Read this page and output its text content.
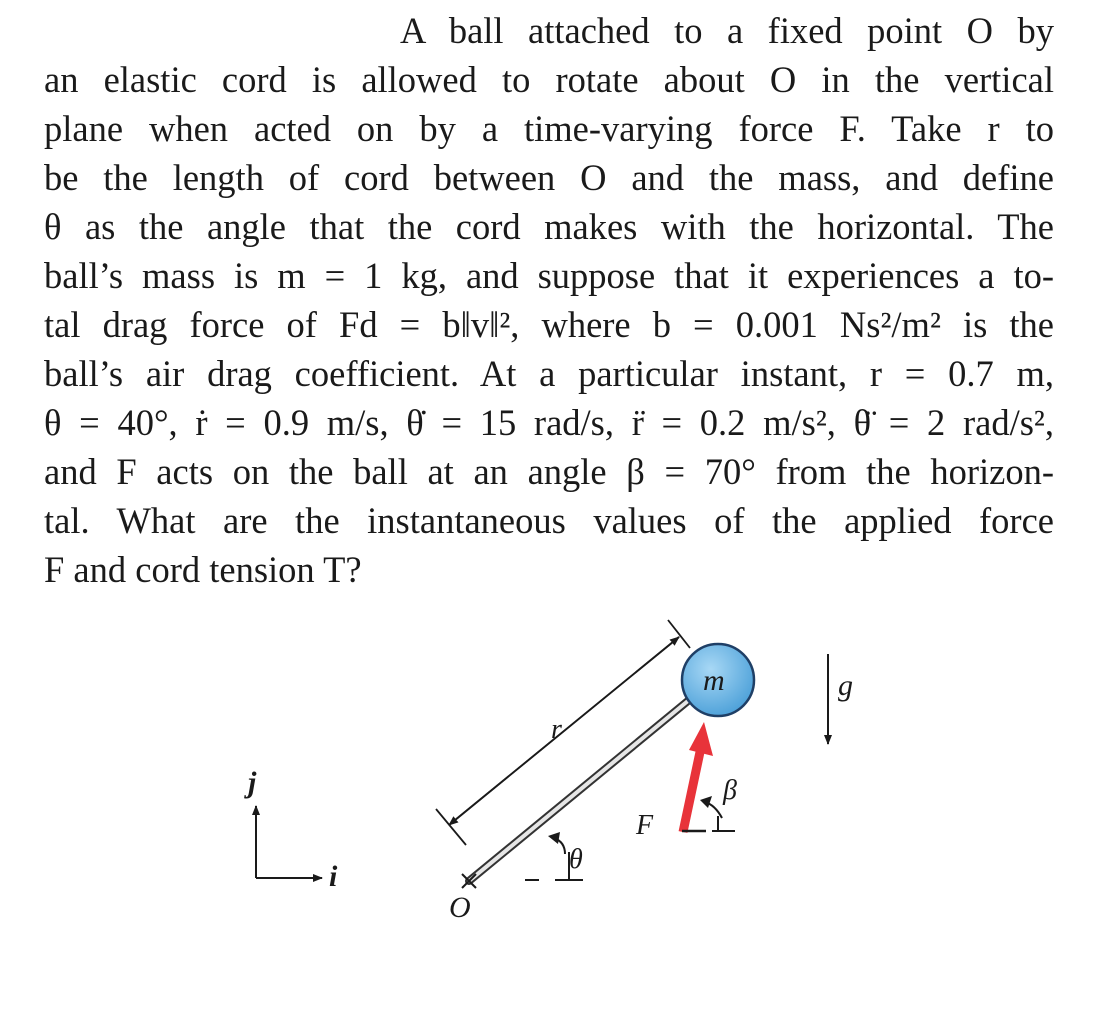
A ball attached to a fixed point O by
an elastic cord is allowed to rotate about O in the vertical
plane when acted on by a time-varying force F. Take r to
be the length of cord between O and the mass, and define
θ as the angle that the cord makes with the horizontal. The
ball’s mass is m = 1 kg, and suppose that it experiences a to-
tal drag force of Fd = b‖v‖², where b = 0.001 Ns²/m² is the
ball’s air drag coefficient. At a particular instant, r = 0.7 m,
θ = 40°, ṙ = 0.9 m/s, θ̇ = 15 rad/s, r̈ = 0.2 m/s², θ̈ = 2 rad/s²,
and F acts on the ball at an angle β = 70° from the horizon-
tal. What are the instantaneous values of the applied force
F and cord tension T?
j
i
r
m	g
F
β
θ
O
